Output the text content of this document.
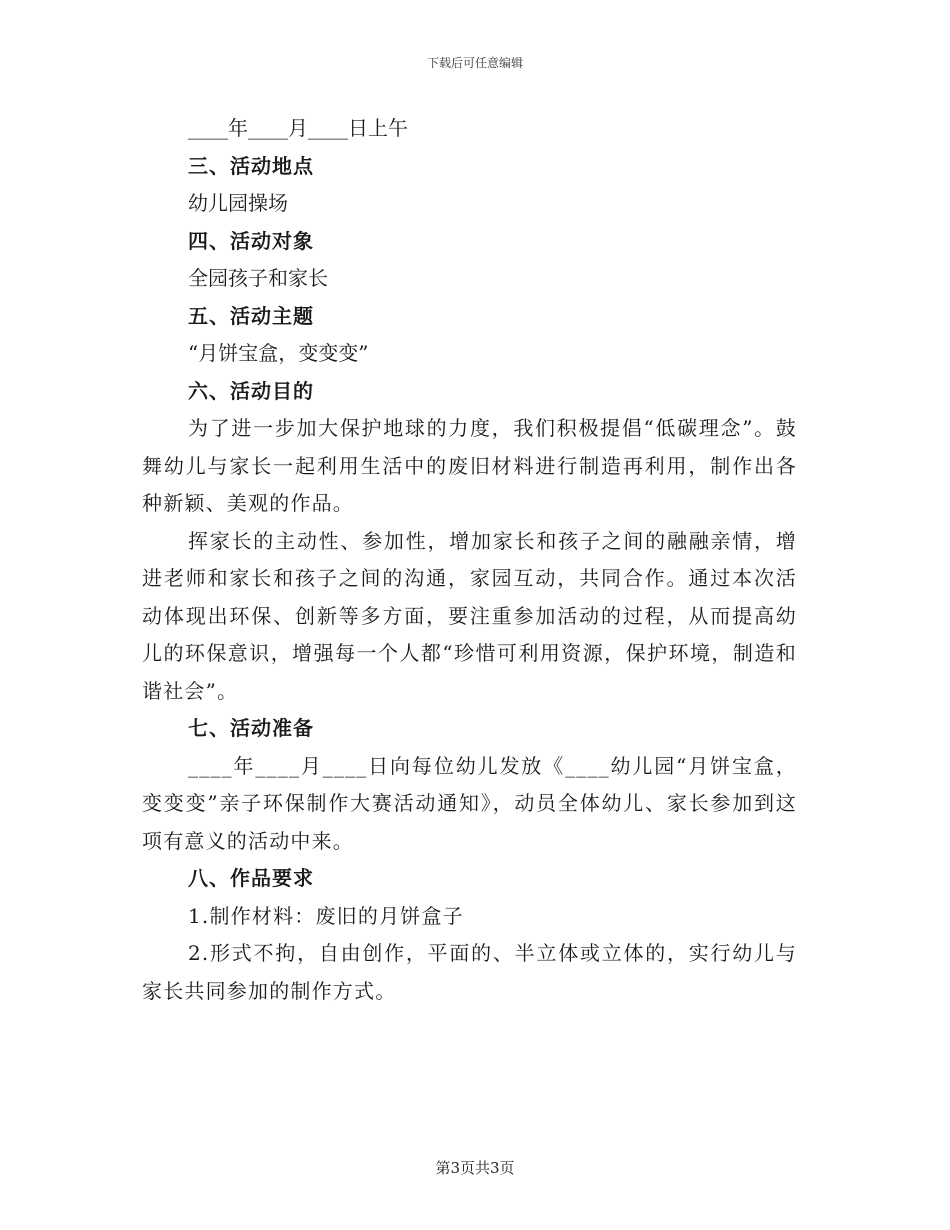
下载后可任意编辑

____年____月____日上午

三、活动地点

幼儿园操场

四、活动对象

全园孩子和家长

五、活动主题

“月饼宝盒，变变变”

六、活动目的

为了进一步加大保护地球的力度，我们积极提倡“低碳理念”。鼓舞幼儿与家长一起利用生活中的废旧材料进行制造再利用，制作出各种新颖、美观的作品。

挥家长的主动性、参加性，增加家长和孩子之间的融融亲情，增进老师和家长和孩子之间的沟通，家园互动，共同合作。通过本次活动体现出环保、创新等多方面，要注重参加活动的过程，从而提高幼儿的环保意识，增强每一个人都“珍惜可利用资源，保护环境，制造和谐社会”。

七、活动准备

____年____月____日向每位幼儿发放《____幼儿园“月饼宝盒，变变变”亲子环保制作大赛活动通知》，动员全体幼儿、家长参加到这项有意义的活动中来。

八、作品要求

1.制作材料：废旧的月饼盒子

2.形式不拘，自由创作，平面的、半立体或立体的，实行幼儿与家长共同参加的制作方式。

第3页共3页
